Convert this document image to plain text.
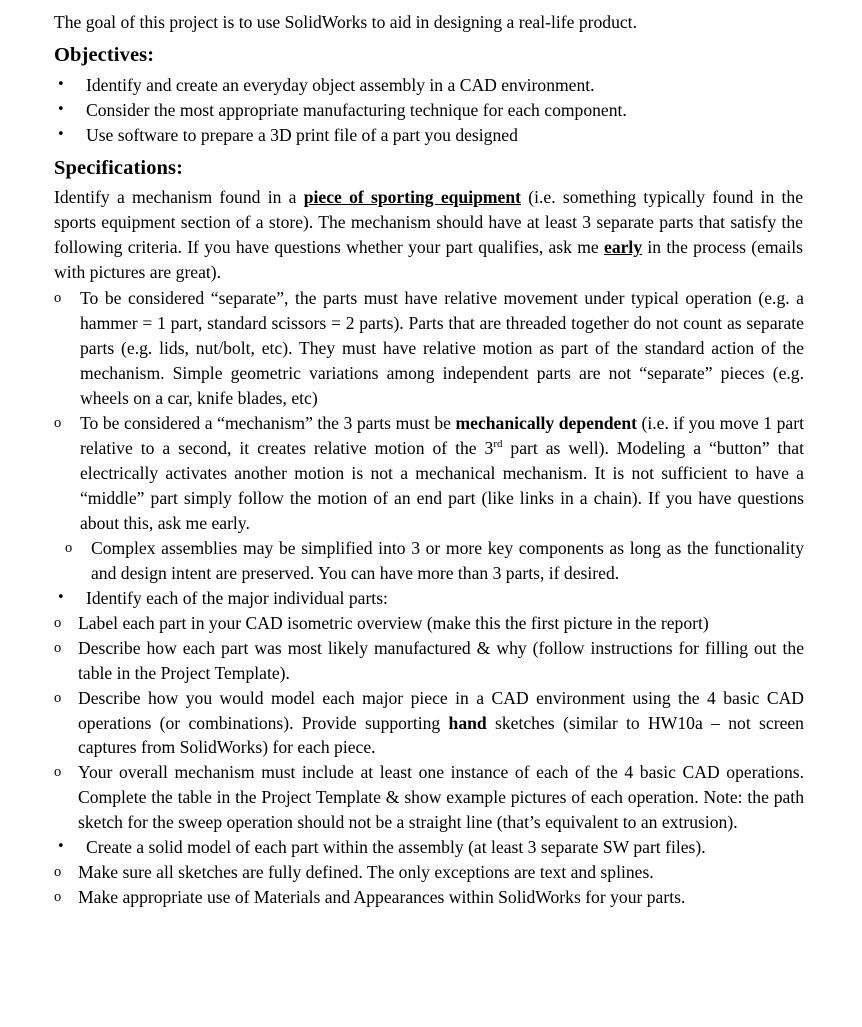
The goal of this project is to use SolidWorks to aid in designing a real-life product.

Objectives:
•	Identify and create an everyday object assembly in a CAD environment.
•	Consider the most appropriate manufacturing technique for each component.
•	Use software to prepare a 3D print file of a part you designed
Specifications:

Identify a mechanism found in a piece of sporting equipment (i.e. something typically found in the sports equipment section of a store). The mechanism should have at least 3 separate parts that satisfy the following criteria. If you have questions whether your part qualifies, ask me early in the process (emails with pictures are great).

o To be considered “separate”, the parts must have relative movement under typical operation (e.g. a hammer = 1 part, standard scissors = 2 parts). Parts that are threaded together do not count as separate parts (e.g. lids, nut/bolt, etc). They must have relative motion as part of the standard action of the mechanism. Simple geometric variations among independent parts are not “separate” pieces (e.g. wheels on a car, knife blades, etc)
o To be considered a “mechanism” the 3 parts must be mechanically dependent (i.e. if you move 1 part relative to a second, it creates relative motion of the 3rd part as well). Modeling a “button” that electrically activates another motion is not a mechanical mechanism. It is not sufficient to have a “middle” part simply follow the motion of an end part (like links in a chain). If you have questions about this, ask me early.
o Complex assemblies may be simplified into 3 or more key components as long as the functionality and design intent are preserved. You can have more than 3 parts, if desired.
•	Identify each of the major individual parts:
o Label each part in your CAD isometric overview (make this the first picture in the report)
o Describe how each part was most likely manufactured & why (follow instructions for filling out the table in the Project Template).
o Describe how you would model each major piece in a CAD environment using the 4 basic CAD operations (or combinations). Provide supporting hand sketches (similar to HW10a – not screen captures from SolidWorks) for each piece.
o Your overall mechanism must include at least one instance of each of the 4 basic CAD operations. Complete the table in the Project Template & show example pictures of each operation. Note: the path sketch for the sweep operation should not be a straight line (that’s equivalent to an extrusion).
•	Create a solid model of each part within the assembly (at least 3 separate SW part files).
o Make sure all sketches are fully defined. The only exceptions are text and splines.
o Make appropriate use of Materials and Appearances within SolidWorks for your parts.
